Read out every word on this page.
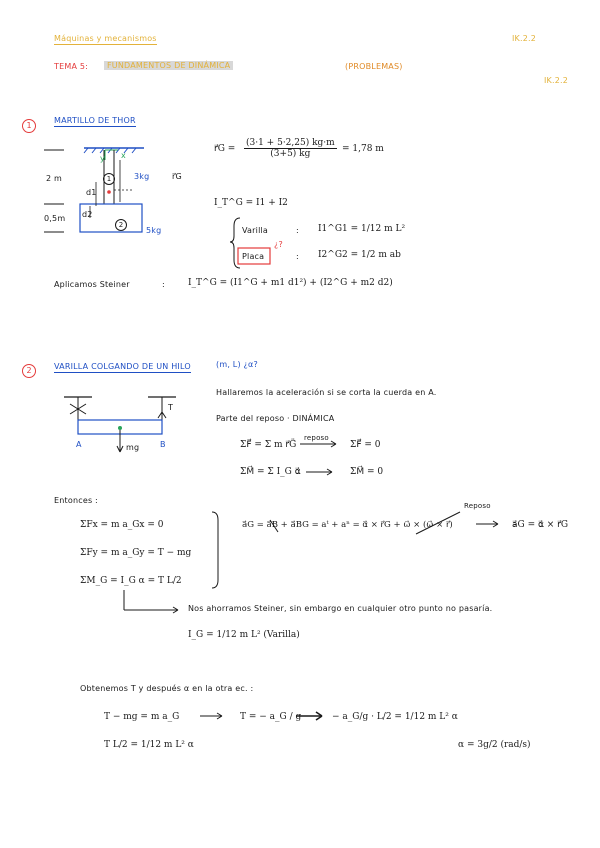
Máquinas y mecanismos	IK.2.2
TEMA 5:	FUNDAMENTOS DE DINÁMICA	(PROBLEMAS)
IK.2.2
1
MARTILLO DE THOR
2 m
0,5m
3kg
5kg
r⃗G
d1
d2
y x
1
2
r⃗G = $\frac{(3\cdot 1 + 5\cdot 2,25) kg\cdot m}{(3+5) kg} = 1,78$ m
I_T^G = I1 + I2
Varilla	: I1^G1 = 1/12 m L²
Placa	: I2^G2 = 1/2 m ab
¿?
Aplicamos Steiner	:	I_T^G = (I1^G + m1 d1²) + (I2^G + m2 d2)
2	VARILLA COLGANDO DE UN HILO	(m, L) ¿α?
A	B
T
mg
Hallaremos la aceleración si se corta la cuerda en A.
Parte del reposo · DINÁMICA
ΣF⃗ = Σ m r⃗G̈
reposo
ΣF⃗ = 0
ΣM⃗ = Σ I_G α⃗	ΣM⃗ = 0
Entonces :
ΣFx = m a_Gx = 0
ΣFy = m a_Gy = T − mg
ΣM_G = I_G α = T L/2
Reposo
a⃗G = a⃗B + a⃗BG = aᵗ + aⁿ = α⃗ × r⃗G + ω⃗ × (ω⃗ × r⃗)	a⃗G = α⃗ × r⃗G
Nos ahorramos Steiner, sin embargo en cualquier otro punto no pasaría.
I_G = 1/12 m L² (Varilla)
Obtenemos T y después α en la otra ec. :
T − mg = m a_G	T = − a_G / g	− a_G/g · L/2 = 1/12 m L² α
T L/2 = 1/12 m L² α	α = 3g/2 (rad/s)
